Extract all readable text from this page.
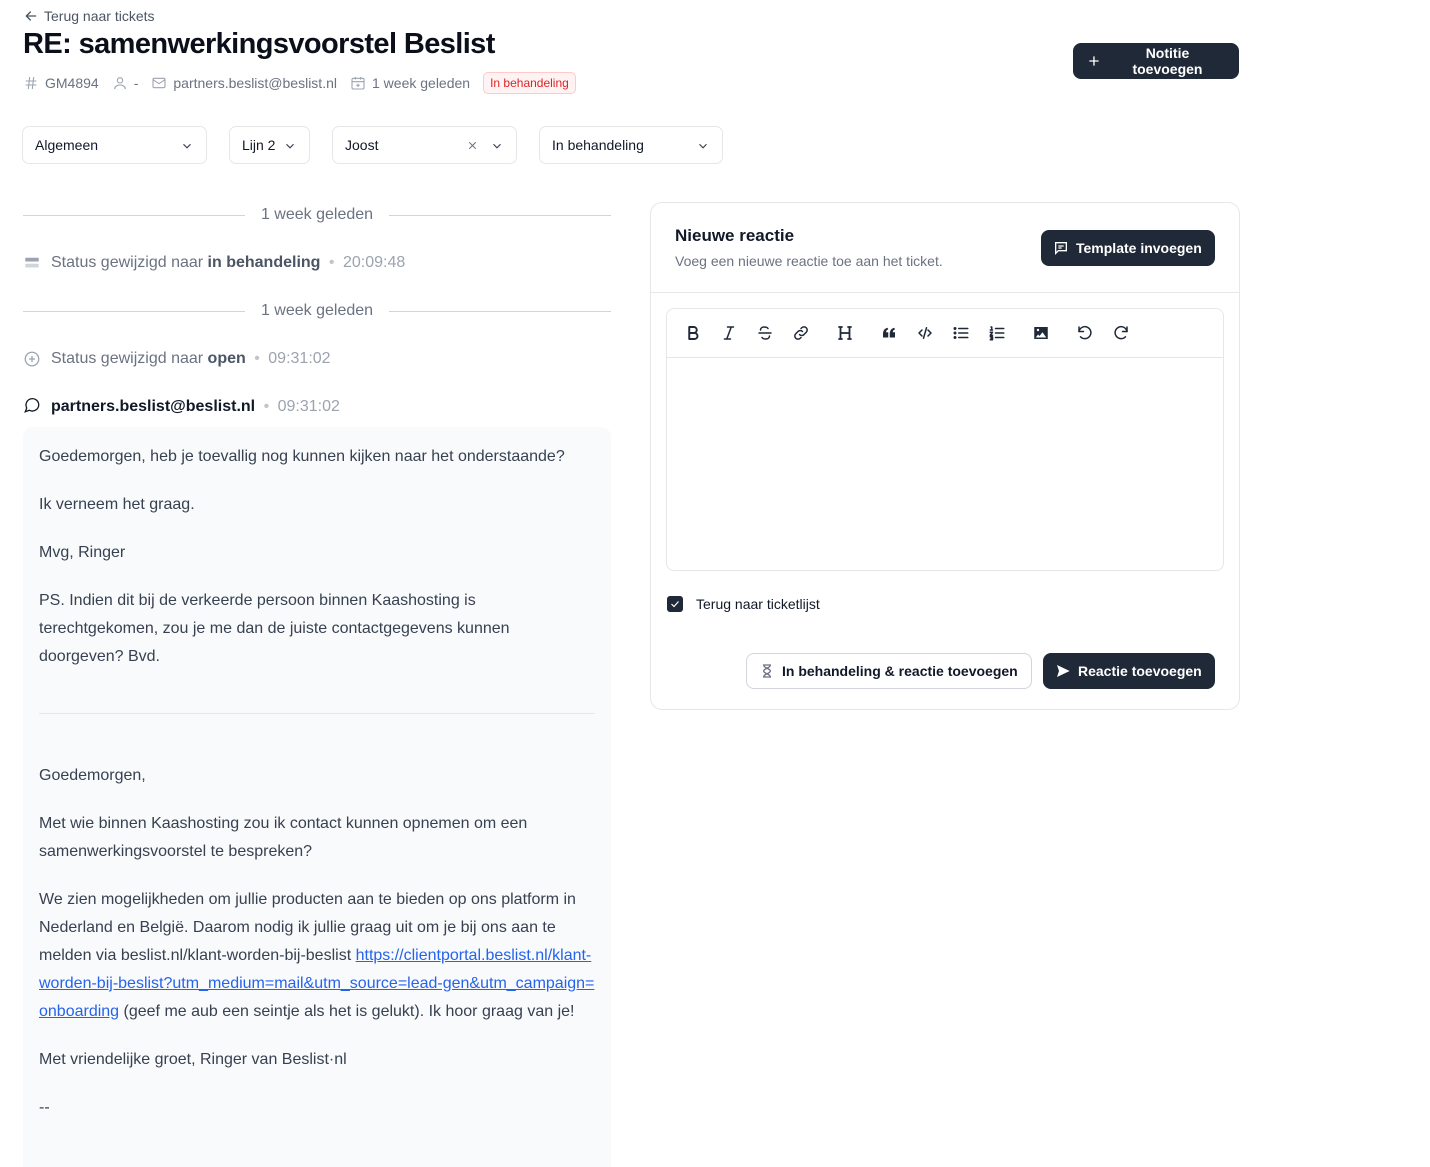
Terug naar tickets
RE: samenwerkingsvoorstel Beslist
GM4894	-	partners.beslist@beslist.nl	1 week geleden	In behandeling
Notitie toevoegen
Algemeen	Lijn 2	Joost	In behandeling
1 week geleden
Status gewijzigd naar in behandeling • 20:09:48
1 week geleden
Status gewijzigd naar open • 09:31:02
partners.beslist@beslist.nl • 09:31:02

Goedemorgen, heb je toevallig nog kunnen kijken naar het onderstaande?

Ik verneem het graag.

Mvg, Ringer

PS. Indien dit bij de verkeerde persoon binnen Kaashosting is terechtgekomen, zou je me dan de juiste contactgegevens kunnen doorgeven? Bvd.

Goedemorgen,

Met wie binnen Kaashosting zou ik contact kunnen opnemen om een samenwerkingsvoorstel te bespreken?

We zien mogelijkheden om jullie producten aan te bieden op ons platform in Nederland en België. Daarom nodig ik jullie graag uit om je bij ons aan te melden via beslist.nl/klant-worden-bij-beslist https://clientportal.beslist.nl/klant-worden-bij-beslist?utm_medium=mail&utm_source=lead-gen&utm_campaign=onboarding (geef me aub een seintje als het is gelukt). Ik hoor graag van je!

Met vriendelijke groet, Ringer van Beslist·nl

--

Nieuwe reactie
Voeg een nieuwe reactie toe aan het ticket.
Template invoegen
Terug naar ticketlijst
In behandeling & reactie toevoegen	Reactie toevoegen
